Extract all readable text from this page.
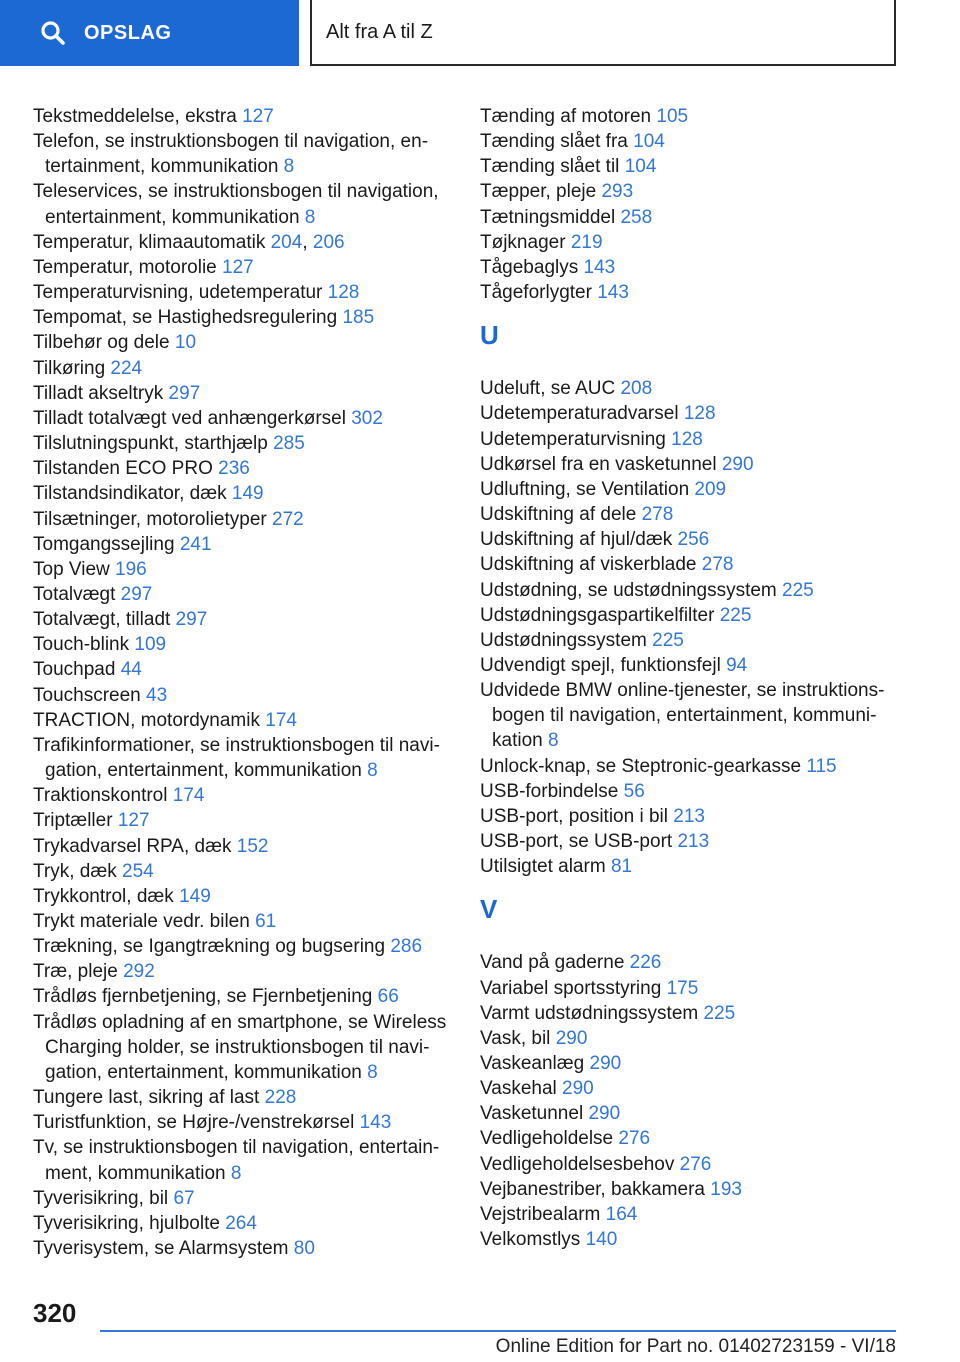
OPSLAG	Alt fra A til Z
Tekstmeddelelse, ekstra 127
Telefon, se instruktionsbogen til navigation, en-tertainment, kommunikation 8
Teleservices, se instruktionsbogen til navigation, entertainment, kommunikation 8
Temperatur, klimaautomatik 204, 206
Temperatur, motorolie 127
Temperaturvisning, udetemperatur 128
Tempomat, se Hastighedsregulering 185
Tilbehør og dele 10
Tilkøring 224
Tilladt akseltryk 297
Tilladt totalvægt ved anhængerkørsel 302
Tilslutningspunkt, starthjælp 285
Tilstanden ECO PRO 236
Tilstandsindikator, dæk 149
Tilsætninger, motorolietyper 272
Tomgangssejling 241
Top View 196
Totalvægt 297
Totalvægt, tilladt 297
Touch-blink 109
Touchpad 44
Touchscreen 43
TRACTION, motordynamik 174
Trafikinformationer, se instruktionsbogen til navi-gation, entertainment, kommunikation 8
Traktionskontrol 174
Triptæller 127
Trykadvarsel RPA, dæk 152
Tryk, dæk 254
Trykkontrol, dæk 149
Trykt materiale vedr. bilen 61
Trækning, se Igangtrækning og bugsering 286
Træ, pleje 292
Trådløs fjernbetjening, se Fjernbetjening 66
Trådløs opladning af en smartphone, se Wireless Charging holder, se instruktionsbogen til navi-gation, entertainment, kommunikation 8
Tungere last, sikring af last 228
Turistfunktion, se Højre-/venstrekørsel 143
Tv, se instruktionsbogen til navigation, entertain-ment, kommunikation 8
Tyverisikring, bil 67
Tyverisikring, hjulbolte 264
Tyverisystem, se Alarmsystem 80
Tænding af motoren 105
Tænding slået fra 104
Tænding slået til 104
Tæpper, pleje 293
Tætningsmiddel 258
Tøjknager 219
Tågebaglys 143
Tågeforlygter 143
U
Udeluft, se AUC 208
Udetemperaturadvarsel 128
Udetemperaturvisning 128
Udkørsel fra en vasketunnel 290
Udluftning, se Ventilation 209
Udskiftning af dele 278
Udskiftning af hjul/dæk 256
Udskiftning af viskerblade 278
Udstødning, se udstødningssystem 225
Udstødningsgaspartikelfilter 225
Udstødningssystem 225
Udvendigt spejl, funktionsfejl 94
Udvidede BMW online-tjenester, se instruktions-bogen til navigation, entertainment, kommuni-kation 8
Unlock-knap, se Steptronic-gearkasse 115
USB-forbindelse 56
USB-port, position i bil 213
USB-port, se USB-port 213
Utilsigtet alarm 81
V
Vand på gaderne 226
Variabel sportsstyring 175
Varmt udstødningssystem 225
Vask, bil 290
Vaskeanlæg 290
Vaskehal 290
Vasketunnel 290
Vedligeholdelse 276
Vedligeholdelsesbehov 276
Vejbanestriber, bakkamera 193
Vejstribealarm 164
Velkomstlys 140
320
Online Edition for Part no. 01402723159 - VI/18
